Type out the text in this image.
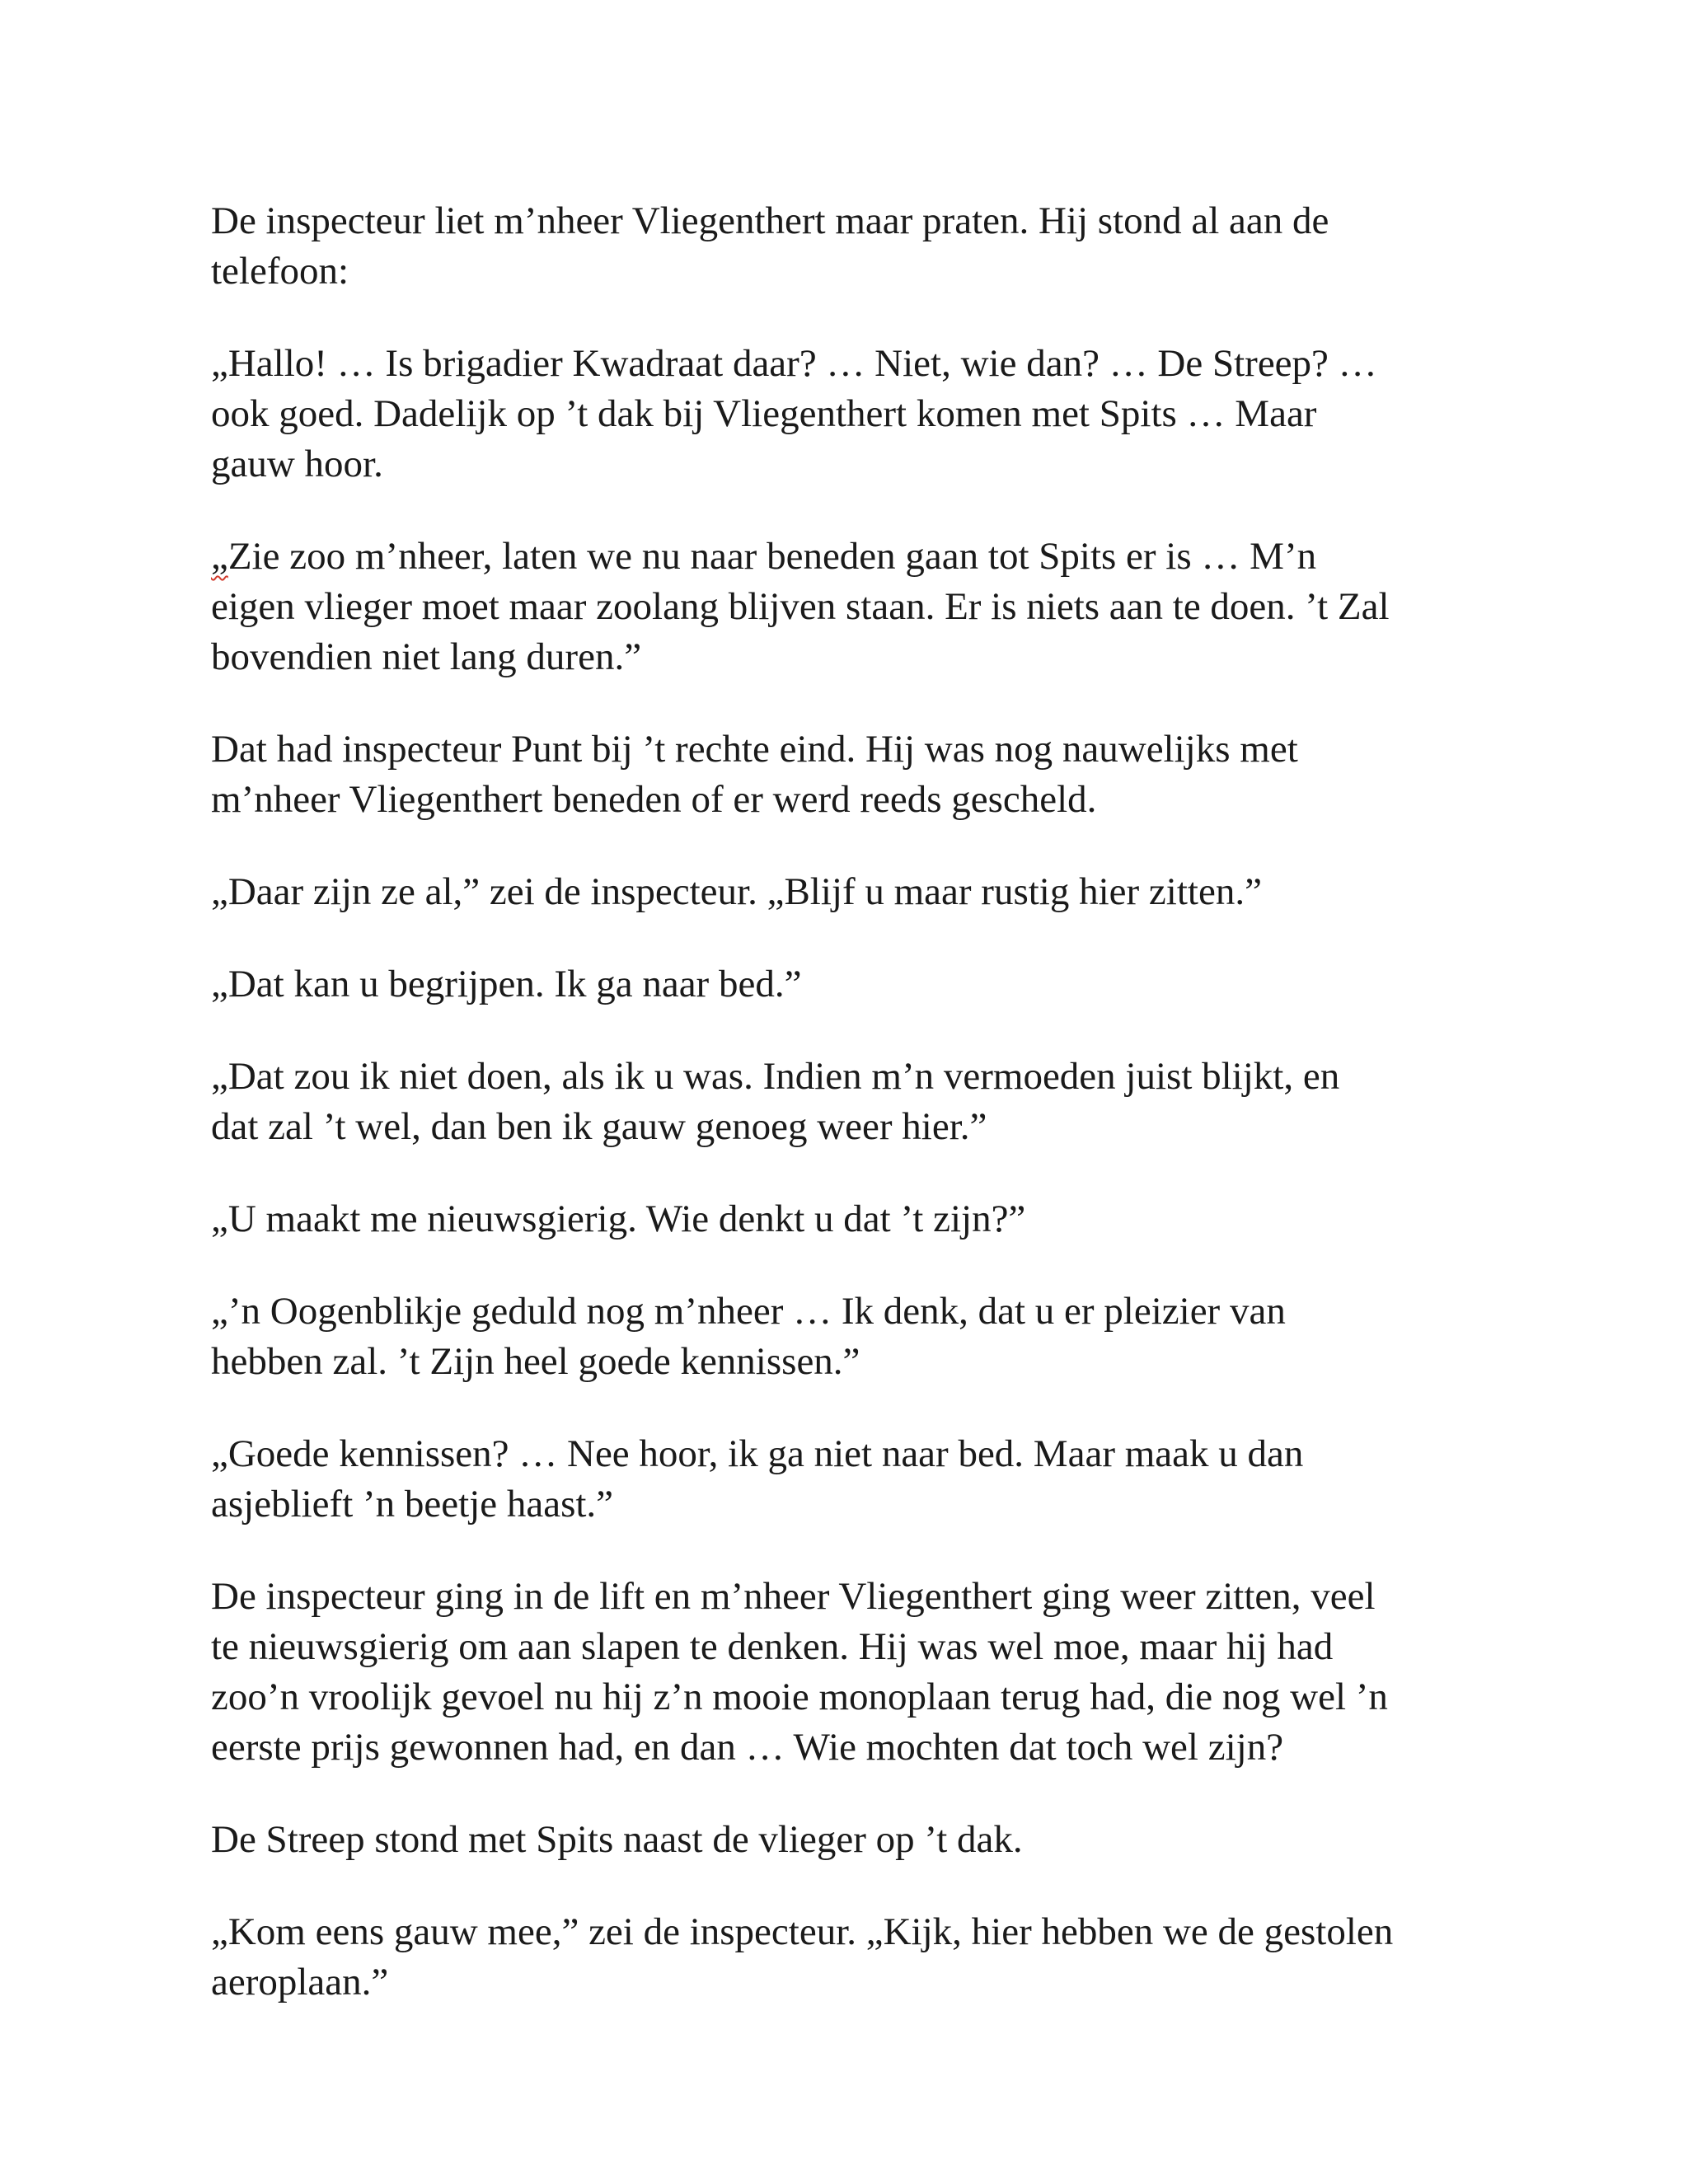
De inspecteur liet m’nheer Vliegenthert maar praten. Hij stond al aan de
telefoon:

„Hallo! … Is brigadier Kwadraat daar? … Niet, wie dan? … De Streep? …
ook goed. Dadelijk op ’t dak bij Vliegenthert komen met Spits … Maar
gauw hoor.

„Zie zoo m’nheer, laten we nu naar beneden gaan tot Spits er is … M’n
eigen vlieger moet maar zoolang blijven staan. Er is niets aan te doen. ’t Zal
bovendien niet lang duren.”

Dat had inspecteur Punt bij ’t rechte eind. Hij was nog nauwelijks met
m’nheer Vliegenthert beneden of er werd reeds gescheld.

„Daar zijn ze al,” zei de inspecteur. „Blijf u maar rustig hier zitten.”

„Dat kan u begrijpen. Ik ga naar bed.”

„Dat zou ik niet doen, als ik u was. Indien m’n vermoeden juist blijkt, en
dat zal ’t wel, dan ben ik gauw genoeg weer hier.”

„U maakt me nieuwsgierig. Wie denkt u dat ’t zijn?”

„’n Oogenblikje geduld nog m’nheer … Ik denk, dat u er pleizier van
hebben zal. ’t Zijn heel goede kennissen.”

„Goede kennissen? … Nee hoor, ik ga niet naar bed. Maar maak u dan
asjeblieft ’n beetje haast.”

De inspecteur ging in de lift en m’nheer Vliegenthert ging weer zitten, veel
te nieuwsgierig om aan slapen te denken. Hij was wel moe, maar hij had
zoo’n vroolijk gevoel nu hij z’n mooie monoplaan terug had, die nog wel ’n
eerste prijs gewonnen had, en dan … Wie mochten dat toch wel zijn?

De Streep stond met Spits naast de vlieger op ’t dak.

„Kom eens gauw mee,” zei de inspecteur. „Kijk, hier hebben we de gestolen
aeroplaan.”
